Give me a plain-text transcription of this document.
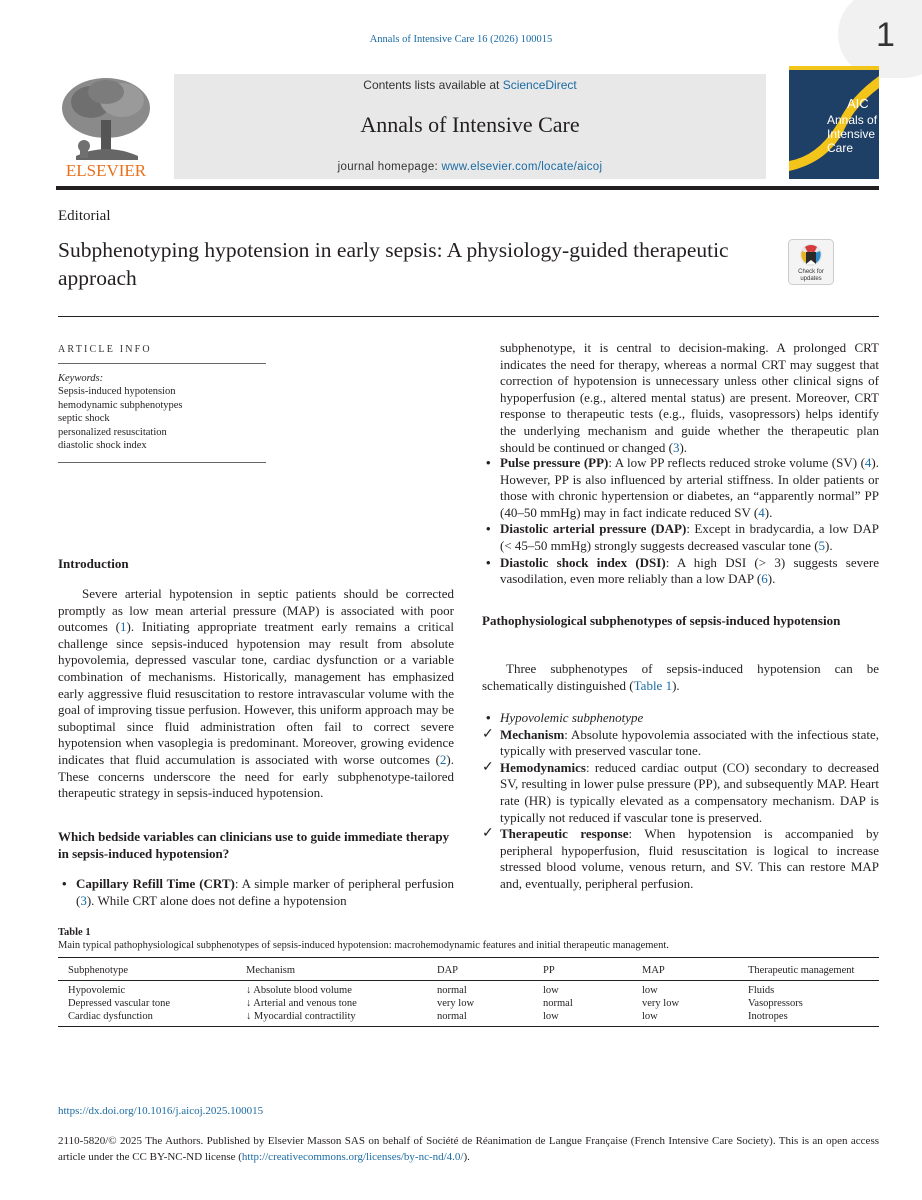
Annals of Intensive Care 16 (2026) 100015	1
ELSEVIER
Contents lists available at ScienceDirect
Annals of Intensive Care
journal homepage: www.elsevier.com/locate/aicoj
AIC
Annals of
Intensive
Care
Editorial
Subphenotyping hypotension in early sepsis: A physiology-guided therapeutic approach	Check for
updates
ARTICLE INFO
Keywords:
Sepsis-induced hypotension
hemodynamic subphenotypes
septic shock
personalized resuscitation
diastolic shock index
Introduction

Severe arterial hypotension in septic patients should be corrected promptly as low mean arterial pressure (MAP) is associated with poor outcomes (1). Initiating appropriate treatment early remains a critical challenge since sepsis-induced hypotension may result from absolute hypovolemia, depressed vascular tone, cardiac dysfunction or a variable combination of mechanisms. Historically, management has emphasized early aggressive fluid resuscitation to restore intravascular volume with the goal of improving tissue perfusion. However, this uniform approach may be suboptimal since fluid administration often fail to correct severe hypotension when vasoplegia is predominant. Moreover, growing evidence indicates that fluid accumulation is associated with worse outcomes (2). These concerns underscore the need for early subphenotype-tailored therapeutic strategy in sepsis-induced hypotension.

Which bedside variables can clinicians use to guide immediate therapy in sepsis-induced hypotension?
• Capillary Refill Time (CRT): A simple marker of peripheral perfusion (3). While CRT alone does not define a hypotension

subphenotype, it is central to decision-making. A prolonged CRT indicates the need for therapy, whereas a normal CRT may suggest that correction of hypotension is unnecessary unless other clinical signs of hypoperfusion (e.g., altered mental status) are present. Moreover, CRT response to therapeutic tests (e.g., fluids, vasopressors) helps identify the underlying mechanism and guide whether the therapeutic plan should be continued or changed (3).

• Pulse pressure (PP): A low PP reflects reduced stroke volume (SV) (4). However, PP is also influenced by arterial stiffness. In older patients or those with chronic hypertension or diabetes, an “apparently normal” PP (40–50 mmHg) may in fact indicate reduced SV (4).
• Diastolic arterial pressure (DAP): Except in bradycardia, a low DAP (< 45–50 mmHg) strongly suggests decreased vascular tone (5).
• Diastolic shock index (DSI): A high DSI (> 3) suggests severe vasodilation, even more reliably than a low DAP (6).
Pathophysiological subphenotypes of sepsis-induced hypotension

Three subphenotypes of sepsis-induced hypotension can be schematically distinguished (Table 1).

• Hypovolemic subphenotype
✓ Mechanism: Absolute hypovolemia associated with the infectious state, typically with preserved vascular tone.
✓ Hemodynamics: reduced cardiac output (CO) secondary to decreased SV, resulting in lower pulse pressure (PP), and subsequently MAP. Heart rate (HR) is typically elevated as a compensatory mechanism. DAP is typically not reduced if vascular tone is preserved.
✓ Therapeutic response: When hypotension is accompanied by peripheral hypoperfusion, fluid resuscitation is logical to increase stressed blood volume, venous return, and SV. This can restore MAP and, eventually, peripheral perfusion.
Table 1
Main typical pathophysiological subphenotypes of sepsis-induced hypotension: macrohemodynamic features and initial therapeutic management.
Subphenotype	Mechanism	DAP	PP	MAP	Therapeutic management
Hypovolemic	↓ Absolute blood volume	normal	low	low	Fluids
Depressed vascular tone	↓ Arterial and venous tone	very low	normal	very low	Vasopressors
Cardiac dysfunction	↓ Myocardial contractility	normal	low	low	Inotropes
https://dx.doi.org/10.1016/j.aicoj.2025.100015
2110-5820/© 2025 The Authors. Published by Elsevier Masson SAS on behalf of Société de Réanimation de Langue Française (French Intensive Care Society). This is an open access article under the CC BY-NC-ND license (http://creativecommons.org/licenses/by-nc-nd/4.0/).
